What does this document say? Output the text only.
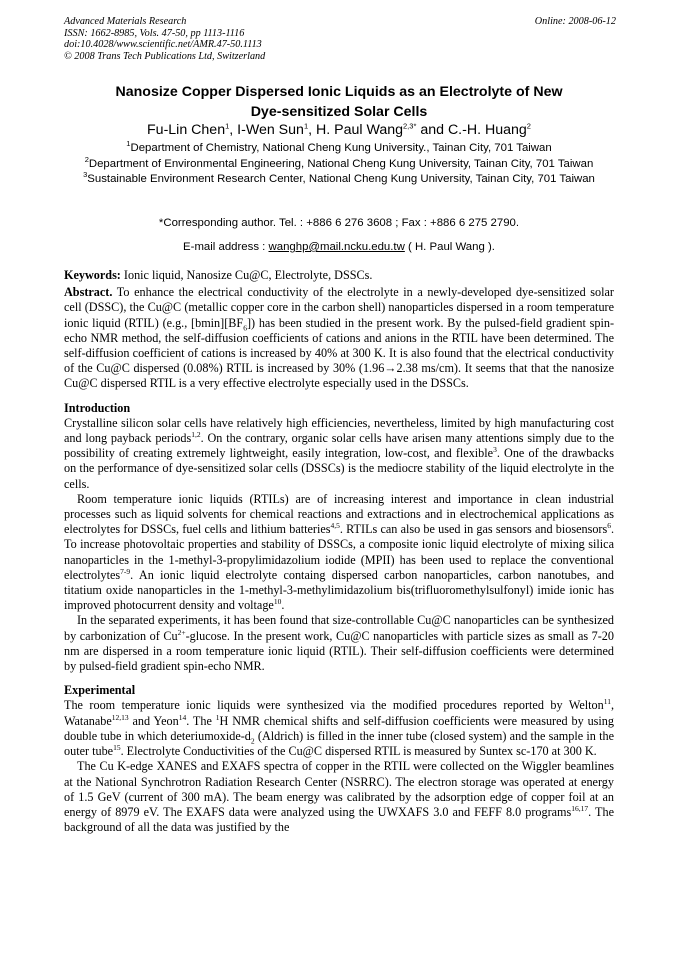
Advanced Materials Research
ISSN: 1662-8985, Vols. 47-50, pp 1113-1116
doi:10.4028/www.scientific.net/AMR.47-50.1113
© 2008 Trans Tech Publications Ltd, Switzerland
Online: 2008-06-12
Nanosize Copper Dispersed Ionic Liquids as an Electrolyte of New
Dye-sensitized Solar Cells
Fu-Lin Chen$^1$, I-Wen Sun$^1$, H. Paul Wang$^{2,3*}$ and C.-H. Huang$^2$

$^1$Department of Chemistry, National Cheng Kung University., Tainan City, 701 Taiwan

$^2$Department of Environmental Engineering, National Cheng Kung University, Tainan City, 701 Taiwan

$^3$Sustainable Environment Research Center, National Cheng Kung University, Tainan City, 701 Taiwan

*Corresponding author. Tel. : +886 6 276 3608 ; Fax : +886 6 275 2790.
E-mail address : wanghp@mail.ncku.edu.tw ( H. Paul Wang ).

Keywords: Ionic liquid, Nanosize Cu@C, Electrolyte, DSSCs.

Abstract. To enhance the electrical conductivity of the electrolyte in a newly-developed dye-sensitized solar cell (DSSC), the Cu@C (metallic copper core in the carbon shell) nanoparticles dispersed in a room temperature ionic liquid (RTIL) (e.g., $[bmin][BF_6]$) has been studied in the present work. By the pulsed-field gradient spin-echo NMR method, the self-diffusion coefficients of cations and anions in the RTIL have been determined. The self-diffusion coefficient of cations is increased by 40% at 300 K. It is also found that the electrical conductivity of the Cu@C dispersed (0.08%) RTIL is increased by 30% (1.96→2.38 ms/cm). It seems that that the nanosize Cu@C dispersed RTIL is a very effective electrolyte especially used in the DSSCs.

Introduction

Crystalline silicon solar cells have relatively high efficiencies, nevertheless, limited by high manufacturing cost and long payback periods$^{1,2}$. On the contrary, organic solar cells have arisen many attentions simply due to the possibility of creating extremely lightweight, easily integration, low-cost, and flexible$^3$. One of the drawbacks on the performance of dye-sensitized solar cells (DSSCs) is the mediocre stability of the liquid electrolyte in the cells.

Room temperature ionic liquids (RTILs) are of increasing interest and importance in clean industrial processes such as liquid solvents for chemical reactions and extractions and in electrochemical applications as electrolytes for DSSCs, fuel cells and lithium batteries$^{4,5}$. RTILs can also be used in gas sensors and biosensors$^6$. To increase photovoltaic properties and stability of DSSCs, a composite ionic liquid electrolyte of mixing silica nanoparticles in the 1-methyl-3-propylimidazolium iodide (MPII) has been used to replace the conventional electrolytes$^{7-9}$. An ionic liquid electrolyte containg dispersed carbon nanoparticles, carbon nanotubes, and titatium oxide nanoparticles in the 1-methyl-3-methylimidazolium bis(trifluoromethylsulfonyl) imide ionic has improved photocurrent density and voltage$^{10}$.

In the separated experiments, it has been found that size-controllable Cu@C nanoparticles can be synthesized by carbonization of $Cu^{2+}$-glucose. In the present work, Cu@C nanoparticles with particle sizes as small as 7-20 nm are dispersed in a room temperature ionic liquid (RTIL). Their self-diffusion coefficients were determined by pulsed-field gradient spin-echo NMR.

Experimental

The room temperature ionic liquids were synthesized via the modified procedures reported by Welton$^{11}$, Watanabe$^{12,13}$ and Yeon$^{14}$. The $^1$H NMR chemical shifts and self-diffusion coefficients were measured by using double tube in which deteriumoxide-$d_2$ (Aldrich) is filled in the inner tube (closed system) and the sample in the outer tube$^{15}$. Electrolyte Conductivities of the Cu@C dispersed RTIL is measured by Suntex sc-170 at 300 K.

The Cu K-edge XANES and EXAFS spectra of copper in the RTIL were collected on the Wiggler beamlines at the National Synchrotron Radiation Research Center (NSRRC). The electron storage was operated at energy of 1.5 GeV (current of 300 mA). The beam energy was calibrated by the adsorption edge of copper foil at an energy of 8979 eV. The EXAFS data were analyzed using the UWXAFS 3.0 and FEFF 8.0 programs$^{16,17}$. The background of all the data was justified by the
